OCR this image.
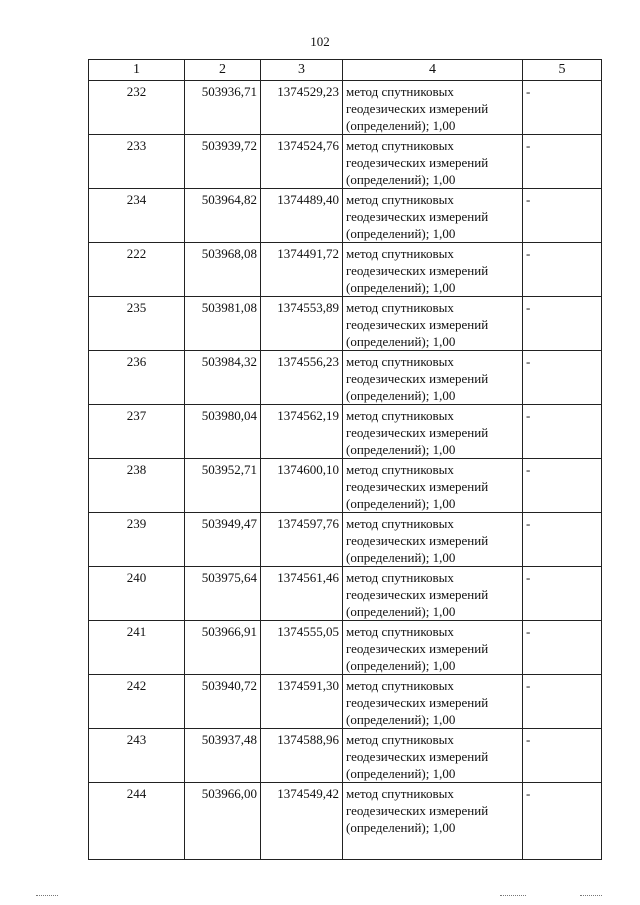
102
1	2	3	4	5
232	503936,71	1374529,23	метод спутниковых
геодезических измерений
(определений); 1,00	-
233	503939,72	1374524,76	метод спутниковых
геодезических измерений
(определений); 1,00	-
234	503964,82	1374489,40	метод спутниковых
геодезических измерений
(определений); 1,00	-
222	503968,08	1374491,72	метод спутниковых
геодезических измерений
(определений); 1,00	-
235	503981,08	1374553,89	метод спутниковых
геодезических измерений
(определений); 1,00	-
236	503984,32	1374556,23	метод спутниковых
геодезических измерений
(определений); 1,00	-
237	503980,04	1374562,19	метод спутниковых
геодезических измерений
(определений); 1,00	-
238	503952,71	1374600,10	метод спутниковых
геодезических измерений
(определений); 1,00	-
239	503949,47	1374597,76	метод спутниковых
геодезических измерений
(определений); 1,00	-
240	503975,64	1374561,46	метод спутниковых
геодезических измерений
(определений); 1,00	-
241	503966,91	1374555,05	метод спутниковых
геодезических измерений
(определений); 1,00	-
242	503940,72	1374591,30	метод спутниковых
геодезических измерений
(определений); 1,00	-
243	503937,48	1374588,96	метод спутниковых
геодезических измерений
(определений); 1,00	-
244	503966,00	1374549,42	метод спутниковых
геодезических измерений
(определений); 1,00	-
